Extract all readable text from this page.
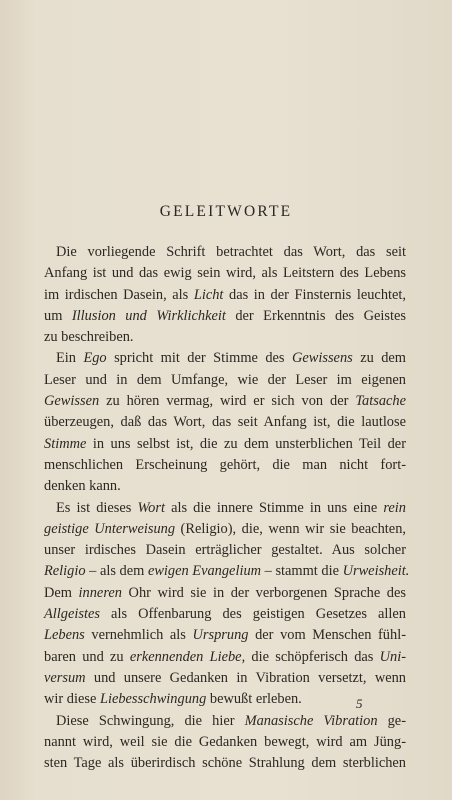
GELEITWORTE
Die vorliegende Schrift betrachtet das Wort, das seit
Anfang ist und das ewig sein wird, als Leitstern des Lebens
im irdischen Dasein, als Licht das in der Finsternis leuchtet,
um Illusion und Wirklichkeit der Erkenntnis des Geistes
zu beschreiben.
Ein Ego spricht mit der Stimme des Gewissens zu dem
Leser und in dem Umfange, wie der Leser im eigenen
Gewissen zu hören vermag, wird er sich von der Tatsache
überzeugen, daß das Wort, das seit Anfang ist, die lautlose
Stimme in uns selbst ist, die zu dem unsterblichen Teil der
menschlichen Erscheinung gehört, die man nicht fort-
denken kann.
Es ist dieses Wort als die innere Stimme in uns eine rein
geistige Unterweisung (Religio), die, wenn wir sie beachten,
unser irdisches Dasein erträglicher gestaltet. Aus solcher
Religio – als dem ewigen Evangelium – stammt die Urweisheit.
Dem inneren Ohr wird sie in der verborgenen Sprache des
Allgeistes als Offenbarung des geistigen Gesetzes allen
Lebens vernehmlich als Ursprung der vom Menschen fühl-
baren und zu erkennenden Liebe, die schöpferisch das Uni-
versum und unsere Gedanken in Vibration versetzt, wenn
wir diese Liebesschwingung bewußt erleben.
Diese Schwingung, die hier Manasische Vibration ge-
nannt wird, weil sie die Gedanken bewegt, wird am Jüng-
sten Tage als überirdisch schöne Strahlung dem sterblichen
5
